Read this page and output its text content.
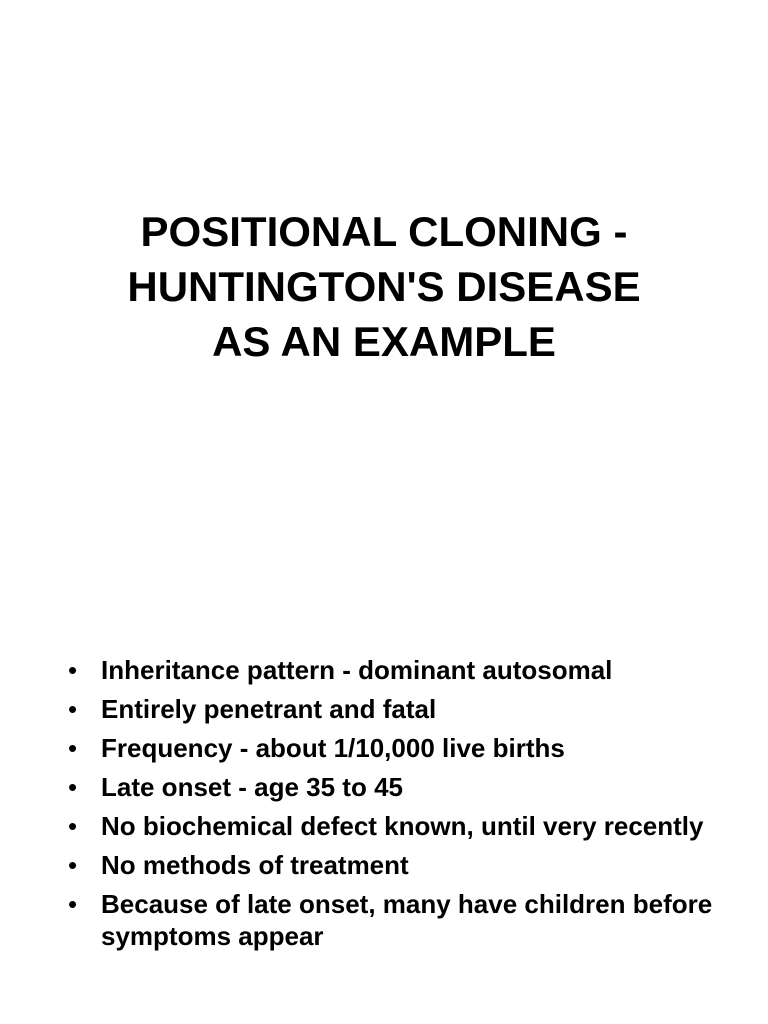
POSITIONAL CLONING -
HUNTINGTON'S DISEASE
AS AN EXAMPLE
• Inheritance pattern - dominant autosomal
• Entirely penetrant and fatal
• Frequency - about 1/10,000 live births
• Late onset - age 35 to 45
• No biochemical defect known, until very recently
• No methods of treatment
• Because of late onset, many have children before symptoms appear
